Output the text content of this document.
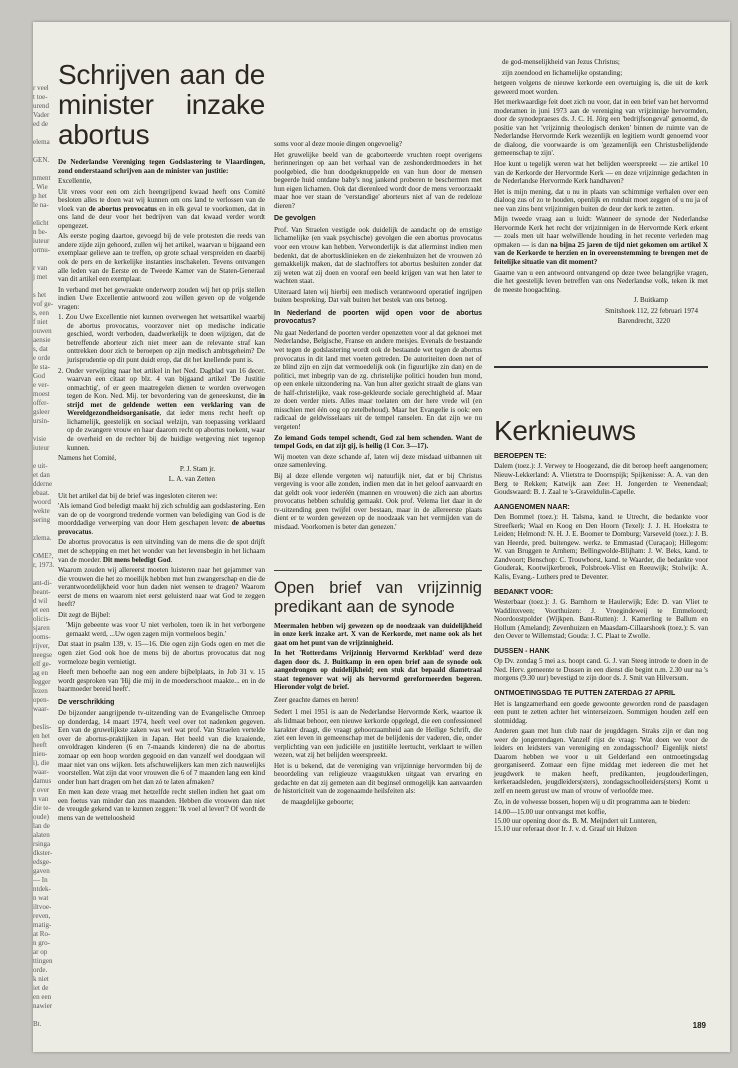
r veel
t toe-
urend
Vader
ed de

elema

GEN.

nment
. Wie
p het
le na-

elicht
n be-
iuteur
ormu-

r van
j met

s het
vof ge-
s, een
f niet
ouwen
aensie
s, dat
e orde
le sta-
God
e ver-
moest
offer-
gsleer
ursin-

visie
iuteur

e uit-
et dan
dderne
ebaat.
woord
wekte
sering

zlema.

OME?,
r, 1973.

ant-di-
beant-
d wil
et een
olicis-
sjaren
ooms-
rijver,
neegse
elf ge-
ag en
legger
lezen
open-
waar-

beslis-
en het
heeft
nieu-
i), die
waar-
damus
t over
n van
die te-
oude)
lan de
alaten
rsinga
dkster-
edsge-
gaven
— In
ntdek-
n wat
iltvoe-
reven,
matig-
at Ro-
n gro-
ar op
ttingen
orde.
k niet
iet de
en een
nawier

Bt.
Schrijven aan de minister inzake abortus

De Nederlandse Vereniging tegen Godslastering te Vlaardingen, zond onderstaand schrijven aan de minister van justitie:

Excellentie,

Uit vrees voor een om zich heengrijpend kwaad heeft ons Comité besloten alles te doen wat wij kunnen om ons land te verlossen van de vloek van de abortus provocatus en in elk geval te voorkomen, dat in ons land de deur voor het bedrijven van dat kwaad verder wordt opengezet.

Als eerste poging daartoe, gevoegd bij de vele protesten die reeds van andere zijde zijn gehoord, zullen wij het artikel, waarvan u bijgaand een exemplaar gelieve aan te treffen, op grote schaal verspreiden en daarbij ook de pers en de kerkelijke instanties inschakelen. Tevens ontvangen alle leden van de Eerste en de Tweede Kamer van de Staten-Generaal van dit artikel een exemplaar.

In verband met het gewraakte onderwerp zouden wij het op prijs stellen indien Uwe Excellentie antwoord zou willen geven op de volgende vragen:

1. Zou Uwe Excellentie niet kunnen overwegen het wetsartikel waarbij de abortus provocatus, voorzover niet op medische indicatie geschied, wordt verboden, daadwerkelijk te doen wijzigen, dat de betreffende aborteur zich niet meer aan de relevante straf kan onttrekken door zich te beroepen op zijn medisch ambtsgeheim? De jurisprudentie op dit punt duidt erop, dat dit het knellende punt is.

2. Onder verwijzing naar het artikel in het Ned. Dagblad van 16 decer. waarvan een citaat op blz. 4 van bijgaand artikel 'De Justitie onmachtig', of er geen maatregelen dienen te worden overwogen tegen de Kon. Ned. Mij. ter bevordering van de geneeskunst, die in strijd met de geldende wetten een verklaring van de Wereldgezondheidsorganisatie, dat ieder mens recht heeft op lichamelijk, geestelijk en sociaal welzijn, van toepassing verklaard op de zwangere vrouw en haar daarom recht op abortus toekent, waar de overheid en de rechter bij de huidige wetgeving niet tegenop kunnen.

Namens het Comité,

P. J. Stam jr.

L. A. van Zetten

Uit het artikel dat bij de brief was ingesloten citeren we:

'Als iemand God beledigt maakt hij zich schuldig aan godslastering. Een van de op de voorgrond tredende vormen van belediging van God is de moorddadige verwerping van door Hem geschapen leven: de abortus provocatus.

De abortus provocatus is een uitvinding van de mens die de spot drijft met de schepping en met het wonder van het levensbegin in het lichaam van de moeder. Dit mens beledigt God.

Waarom zouden wij allereerst moeten luisteren naar het gejammer van die vrouwen die het zo moeilijk hebben met hun zwangerschap en die de verantwoordelijkheid voor hun daden niet wensen te dragen? Waarom eerst de mens en waarom niet eerst geluisterd naar wat God te zeggen heeft?

Dit zegt de Bijbel:

'Mijn gebeente was voor U niet verholen, toen ik in het verborgene gemaakt werd, ...Uw ogen zagen mijn vormeloos begin.'

Dat staat in psalm 139, v. 15—16. Die ogen zijn Gods ogen en met die ogen ziet God ook hoe de mens bij de abortus provocatus dat nog vormeloze begin vernietigt.

Heeft men behoefte aan nog een andere bijbelplaats, in Job 31 v. 15 wordt gesproken van 'Hij die mij in de moederschoot maakte... en in de baarmoeder bereid heeft'.

De verschrikking

De bijzonder aangrijpende tv-uitzending van de Evangelische Omroep op donderdag, 14 maart 1974, heeft veel over tot nadenken gegeven. Een van de gruwelijkste zaken was wel wat prof. Van Straelen vertelde over de abortus-praktijken in Japan. Het beeld van die kraaiende, onvoldragen kinderen (6 en 7-maands kinderen) die na de abortus zomaar op een hoop worden gegooid en dan vanzelf wel doodgaan wil maar niet van ons wijken. Iets afschuwelijkers kan men zich nauwelijks voorstellen. Wat zijn dat voor vrouwen die 6 of 7 maanden lang een kind onder hun hart dragen om het dan zó te laten afmaken?

En men kan deze vraag met hetzelfde recht stellen indien het gaat om een foetus van minder dan zes maanden. Hebben die vrouwen dan niet de vreugde gekend van te kunnen zeggen: 'Ik voel al leven'? Of wordt de mens van de wetteloosheid

soms voor al deze mooie dingen ongevoelig?

Het gruwelijke beeld van de gcaborteerde vruchten roept overigens herinneringen op aan het verhaal van de zeshonderdmoeders in het poolgebied, die hun doodgeknuppelde en van hun door de mensen begeerde huid ontdane baby's nog jankend proberen te beschermen met hun eigen lichamen. Ook dat dierenleed wordt door de mens veroorzaakt maar hoe ver staan de 'verstandige' aborteurs niet af van de redeloze dieren?

De gevolgen

Prof. Van Straelen vestigde ook duidelijk de aandacht op de ernstige lichamelijke (en vaak psychische) gevolgen die een abortus provocatus voor een vrouw kan hebben. Verwonderlijk is dat allerminst indien men bedenkt, dat de abortusklinieken en de ziekenhuizen het de vrouwen zó gemakkelijk maken, dat de slachtoffers tot abortus besluiten zonder dat zij weten wat zij doen en vooraf een beeld krijgen van wat hen later te wachten staat.

Uiteraard laten wij hierbij een medisch verantwoord operatief ingrijpen buiten bespreking. Dat valt buiten het bestek van ons betoog.

In Nederland de poorten wijd open voor de abortus provocatus?

Nu gaat Nederland de poorten verder openzetten voor al dat geknoei met Nederlandse, Belgische, Franse en andere meisjes. Evenals de bestaande wet tegen de godslastering wordt ook de bestaande wet tegen de abortus provocatus in dit land met voeten getreden. De autoriteiten doen net of ze blind zijn en zijn dat vermoedelijk ook (in figuurlijke zin dan) en de politici, met inbegrip van de zg. christelijke politici houden hun mond, op een enkele uitzondering na. Van hun alter gezicht straalt de glans van de half-christelijke, vaak rose-gekleurde sociale gerechtigheid af. Maar ze doen verder niets. Alles maar toelaten om der here vrede wil (en misschien met één oog op zetelbehoud). Maar het Evangelie is ook: een radicaal de geldwisselaars uit de tempel ranselen. En dat zijn we nu vergeten!

Zo iemand Gods tempel schendt, God zal hem schenden. Want de tempel Gods, en dat zijt gij, is heilig (1 Cor. 3—17).

Wij moeten van deze schande af, laten wij deze misdaad uitbannen uit onze samenleving.

Bij al deze ellende vergeten wij natuurlijk niet, dat er bij Christus vergeving is voor alle zonden, indien men dat in het geloof aanvaardt en dat geldt ook voor iederéén (mannen en vrouwen) die zich aan abortus provocatus hebben schuldig gemaakt. Ook prof. Velema liet daar in de tv-uitzending geen twijfel over bestaan, maar in de allereerste plaats dient er te worden gewezen op de noodzaak van het vermijden van de misdaad. Voorkomen is beter dan genezen.'

Open brief van vrijzinnig predikant aan de synode

Meermalen hebben wij gewezen op de noodzaak van duidelijkheid in onze kerk inzake art. X van de Kerkorde, met name ook als het gaat om het punt van de vrijzinnigheid.

In het 'Rotterdams Vrijzinnig Hervormd Kerkblad' werd deze dagen door ds. J. Buitkamp in een open brief aan de synode ook aangedrongen op duidelijkheid; een stuk dat bepaald diametraal staat tegenover wat wij als hervormd gereformeerden begeren. Hieronder volgt de brief.

Zeer geachte dames en heren!

Sedert 1 mei 1951 is aan de Nederlandse Hervormde Kerk, waartoe ik als lidmaat behoor, een nieuwe kerkorde opgelegd, die een confessioneel karakter draagt, die vraagt gehoorzaamheid aan de Heilige Schrift, die ziet een leven in gemeenschap met de belijdenis der vaderen, die, onder verplichting van een judiciële en justitiële leertucht, verklaart te willen wezen, wat zij het belijden weerspreekt.

Het is u bekend, dat de vereniging van vrijzinnige hervormden bij de beoordeling van religieuze vraagstukken uitgaat van ervaring en gedachte en dat zij gemeten aan dit beginsel onmogelijk kan aanvaarden de historiciteit van de zogenaamde heilsfeiten als:

de maagdelijke geboorte;

de god-menselijkheid van Jezus Christus;

zijn zoendood en lichamelijke opstanding;

hetgeen volgens de nieuwe kerkorde een overtuiging is, die uit de kerk geweerd moet worden.

Het merkwaardige feit doet zich nu voor, dat in een brief van het hervormd moderamen in juni 1973 aan de vereniging van vrijzinnige hervormden, door de synodepraeses ds. J. C. H. Jörg een 'bedrijfsongeval' genoemd, de positie van het 'vrijzinnig theologisch denken' binnen de ruimte van de Nederlandse Hervormde Kerk wezenlijk en legitiem wordt genoemd voor de dialoog, die voorwaarde is om 'gezamenlijk een Christusbelijdende gemeenschap te zijn'.

Hoe kunt u tegelijk weren wat het belijden weerspreekt — zie artikel 10 van de Kerkorde der Hervormde Kerk — en deze vrijzinnige gedachten in de Nederlandse Hervormde Kerk handhaven?

Het is mijn mening, dat u nu in plaats van schimmige verhalen over een dialoog zus of zo te houden, openlijk en ronduit moet zeggen of u nu ja of nee van zins bent vrijzinnigen buiten de deur der kerk te zetten.

Mijn tweede vraag aan u luidt: Wanneer de synode der Nederlandse Hervormde Kerk het recht der vrijzinnigen in de Hervormde Kerk erkent — zoals men uit haar welwillende houding in het recente verleden mag opmaken — is dan na bijna 25 jaren de tijd niet gekomen om artikel X van de Kerkorde te herzien en in overeenstemming te brengen met de feitelijke situatie van dit moment?

Gaarne van u een antwoord ontvangend op deze twee belangrijke vragen, die het geestelijk leven betreffen van ons Nederlandse volk, teken ik met de meeste hoogachting.

J. Buitkamp

Smitshoek 112, 22 februari 1974

Barendrecht, 3220

Kerknieuws

BEROEPEN TE:

Dalem (toez.): J. Verwey te Hoogezand, die dit beroep heeft aangenomen; Nieuw-Lekkerland: A. Vlietstra te Doornspijk; Spijkenisse: A. A. van den Berg te Rekken; Katwijk aan Zee: H. Jongerden te Veenendaal; Goudswaard: B. J. Zaal te 's-Graveldulin-Capelle.

AANGENOMEN NAAR:

Den Bommel (toez.): H. Talsma, kand. te Utrecht, die bedankte voor Streefkerk; Waal en Koog en Den Hoorn (Texel): J. J. H. Hoekstra te Leiden; Helmond: N. H. J. E. Boomer te Domburg; Varseveld (toez.): J. B. van Heerde, pred. buitengew. werkz. te Emmastad (Curaçao); Hillegom: W. van Bruggen te Arnhem; Bellingwolde-Blijham: J. W. Beks, kand. te Zandvoort; Benschop: C. Trouwborst, kand. te Waarder, die bedankte voor Gouderak, Kootwijkerbroek, Polsbroek-Vlist en Reeuwijk; Stolwijk: A. Kalis, Evang.- Luthers pred te Deventer.

BEDANKT VOOR:

Westerbaar (toez.): J. G. Barnhorn te Haulerwijk; Ede: D. van Vliet te Waddinxveen; Voorthuizen: J. Vroegindeweij te Emmeloord; Noordoostpolder (Wijkpen. Bant-Rutten): J. Kamerling te Ballum en Hollum (Ameland); Zevenhuizen en Maasdam-Cillaarshoek (toez.): S. van den Oever te Willemstad; Gouda: J. C. Plaat te Zwolle.

DUSSEN - HANK

Op Dv. zondag 5 mei a.s. hoopt cand. G. J. van Steeg introde te doen in de Ned. Herv. gemeente te Dussen in een dienst die begint n.m. 2.30 uur na 's morgens (9.30 uur) bevestigd te zijn door ds. J. Smit van Hilversum.

ONTMOETINGSDAG TE PUTTEN ZATERDAG 27 APRIL

Het is langzamerhand een goede gewoonte geworden rond de paasdagen een punt te zetten achter het winterseizoen. Sommigen houden zelf een slotmiddag.

Anderen gaan met hun club naar de jeugddagen. Straks zijn er dan nog weer de jongerendagen. Vanzelf rijst de vraag: 'Wat doen we voor de leiders en leidsters van vereniging en zondagsschool? Eigenlijk niets! Daarom hebben we voor u uit Gelderland een ontmoetingsdag georganiseerd. Zomaar een fijne middag met iedereen die met het jeugdwerk te maken heeft, predikanten, jeugdouderlingen, kerkeraadsleden, jeugdleiders(sters), zondagsschoolleiders(sters) Komt u zelf en neem gerust uw man of vrouw of verloofde mee.

Zo, in de volwesse bossen, hopen wij u dit programma aan te bieden:

14.00—15.00 uur ontvangst met koffie,

15.00 uur opening door ds. B. M. Meijndert uit Lunteren,

15.10 uur referaat door Ir. J. v. d. Graaf uit Hulzen

189
